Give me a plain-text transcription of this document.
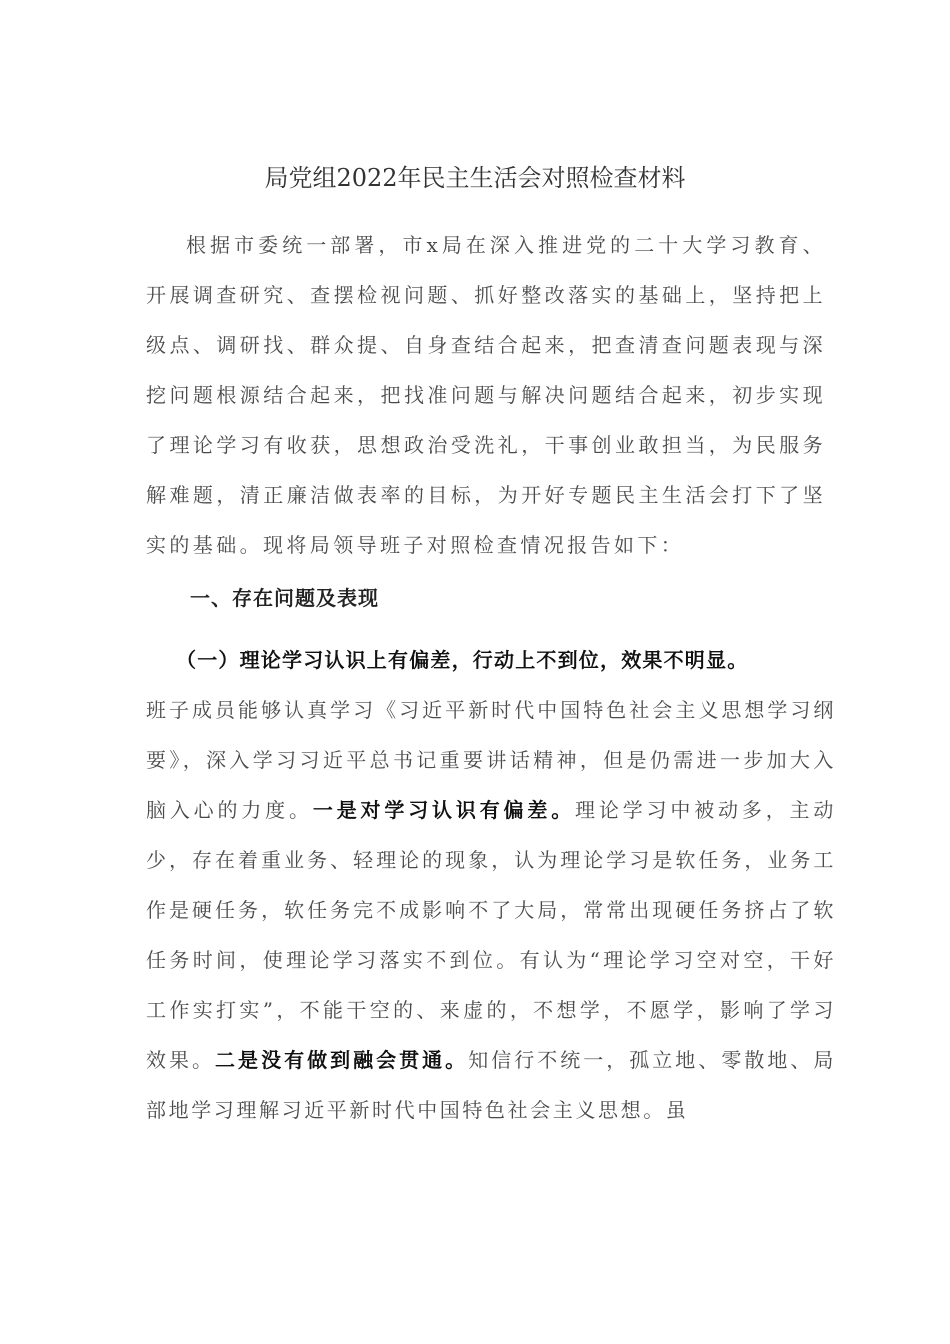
局党组2022年民主生活会对照检查材料

根据市委统一部署，市x局在深入推进党的二十大学习教育、开展调查研究、查摆检视问题、抓好整改落实的基础上，坚持把上级点、调研找、群众提、自身查结合起来，把查清查问题表现与深挖问题根源结合起来，把找准问题与解决问题结合起来，初步实现了理论学习有收获，思想政治受洗礼，干事创业敢担当，为民服务解难题，清正廉洁做表率的目标，为开好专题民主生活会打下了坚实的基础。现将局领导班子对照检查情况报告如下：

一、存在问题及表现

（一）理论学习认识上有偏差，行动上不到位，效果不明显。
班子成员能够认真学习《习近平新时代中国特色社会主义思想学习纲要》，深入学习习近平总书记重要讲话精神，但是仍需进一步加大入脑入心的力度。一是对学习认识有偏差。理论学习中被动多，主动少，存在着重业务、轻理论的现象，认为理论学习是软任务，业务工作是硬任务，软任务完不成影响不了大局，常常出现硬任务挤占了软任务时间，使理论学习落实不到位。有认为“理论学习空对空，干好工作实打实”，不能干空的、来虚的，不想学，不愿学，影响了学习效果。二是没有做到融会贯通。知信行不统一，孤立地、零散地、局部地学习理解习近平新时代中国特色社会主义思想。虽
